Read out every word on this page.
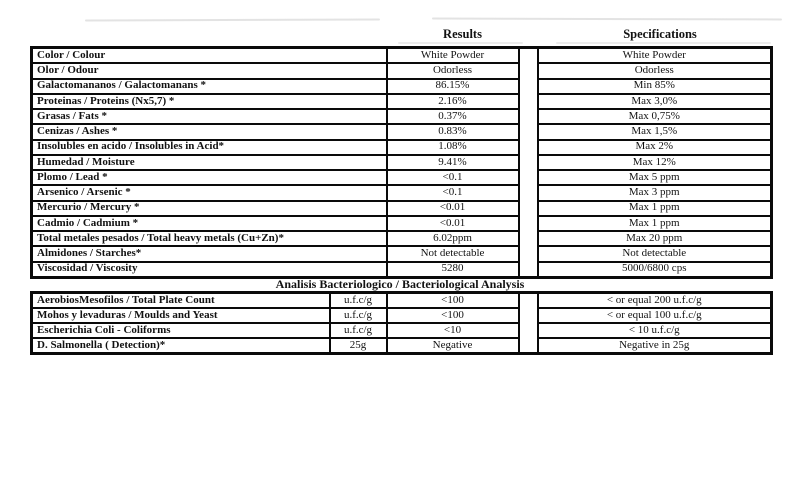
Results	Specifications
Color / Colour	White Powder		White Powder
Olor / Odour	Odorless		Odorless
Galactomananos / Galactomanans *	86.15%		Min 85%
Proteinas / Proteins (Nx5,7) *	2.16%		Max 3,0%
Grasas / Fats *	0.37%		Max 0,75%
Cenizas / Ashes *	0.83%		Max 1,5%
Insolubles en acido / Insolubles in Acid*	1.08%		Max 2%
Humedad / Moisture	9.41%		Max 12%
Plomo / Lead *	<0.1		Max 5 ppm
Arsenico / Arsenic *	<0.1		Max 3 ppm
Mercurio / Mercury *	<0.01		Max 1 ppm
Cadmio / Cadmium *	<0.01		Max 1 ppm
Total metales pesados / Total heavy metals (Cu+Zn)*	6.02ppm		Max 20 ppm
Almidones / Starches*	Not detectable		Not detectable
Viscosidad / Viscosity	5280		5000/6800 cps
Analisis Bacteriologico / Bacteriological Analysis
AerobiosMesofilos / Total Plate Count	u.f.c/g	<100		< or equal 200 u.f.c/g
Mohos y levaduras / Moulds and Yeast	u.f.c/g	<100		< or equal 100 u.f.c/g
Escherichia Coli - Coliforms	u.f.c/g	<10		< 10 u.f.c/g
D. Salmonella ( Detection)*	25g	Negative		Negative in 25g
